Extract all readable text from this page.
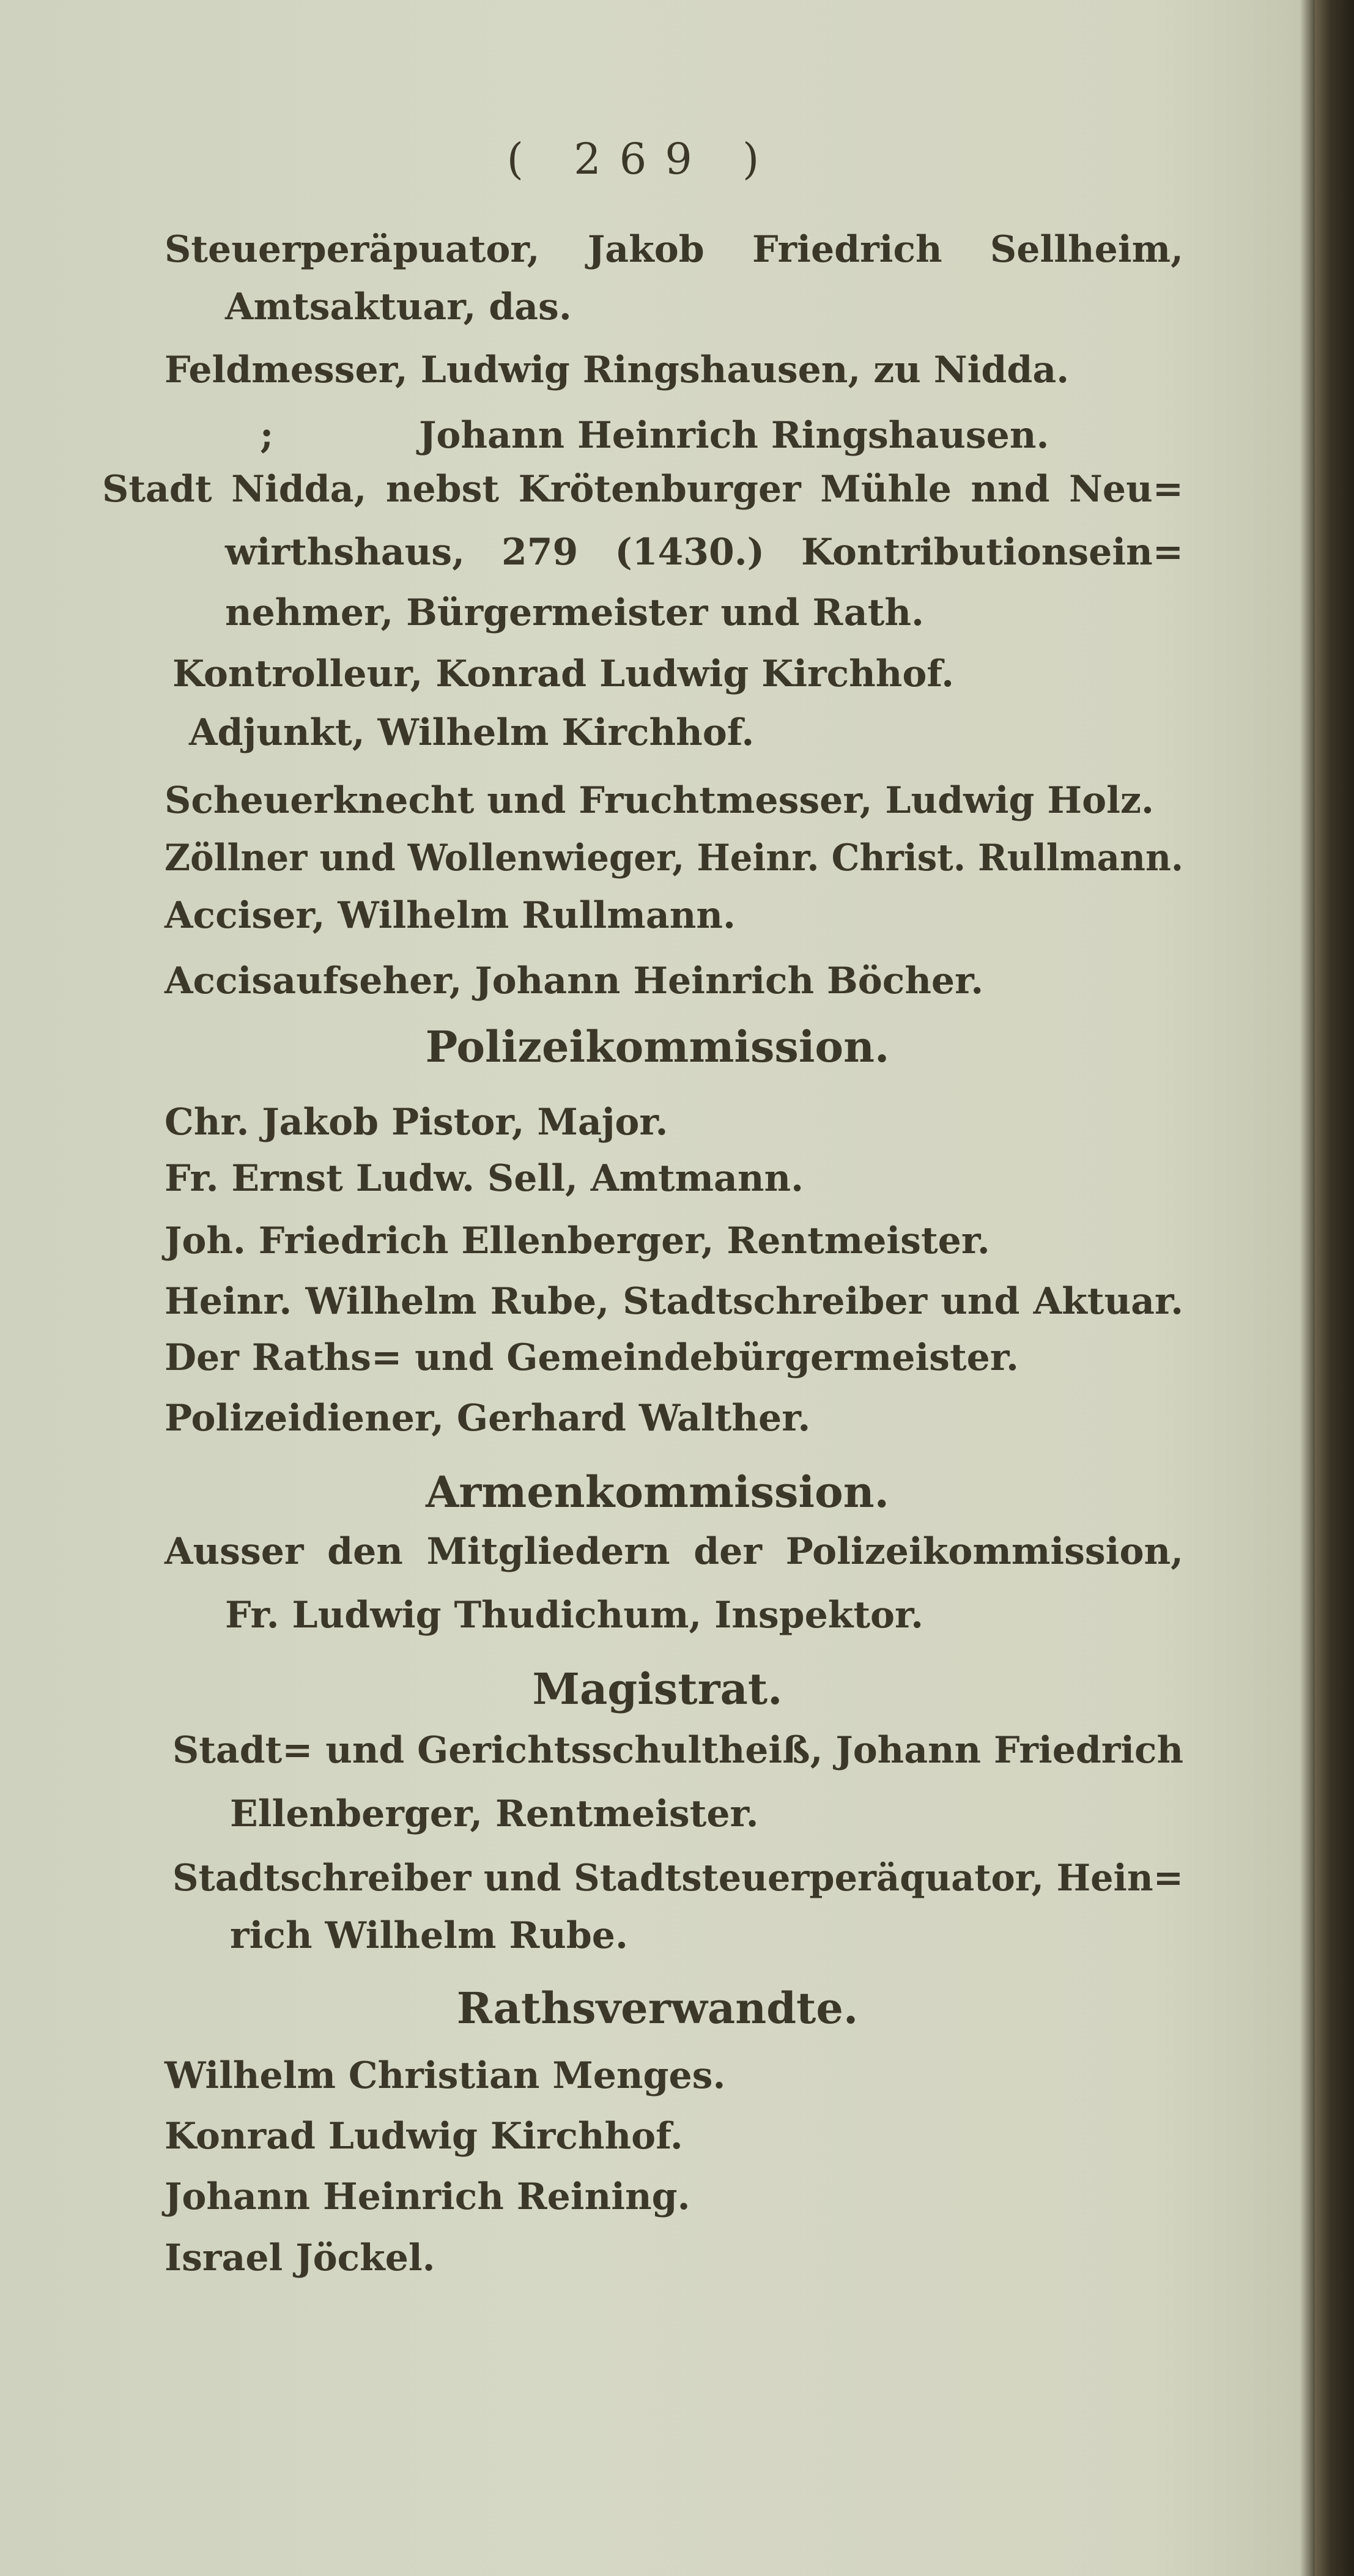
( 269 )
Steuerperäpuator, Jakob Friedrich Sellheim,
Amtsaktuar, das.
Feldmesser, Ludwig Ringshausen, zu Nidda.
;	Johann Heinrich Ringshausen.
Stadt Nidda, nebst Krötenburger Mühle nnd Neu=
wirthshaus, 279 (1430.) Kontributionsein=
nehmer, Bürgermeister und Rath.
Kontrolleur, Konrad Ludwig Kirchhof.
Adjunkt, Wilhelm Kirchhof.
Scheuerknecht und Fruchtmesser, Ludwig Holz.
Zöllner und Wollenwieger, Heinr. Christ. Rullmann.
Acciser, Wilhelm Rullmann.
Accisaufseher, Johann Heinrich Böcher.
Polizeikommission.
Chr. Jakob Pistor, Major.
Fr. Ernst Ludw. Sell, Amtmann.
Joh. Friedrich Ellenberger, Rentmeister.
Heinr. Wilhelm Rube, Stadtschreiber und Aktuar.
Der Raths= und Gemeindebürgermeister.
Polizeidiener, Gerhard Walther.
Armenkommission.
Ausser den Mitgliedern der Polizeikommission,
Fr. Ludwig Thudichum, Inspektor.
Magistrat.
Stadt= und Gerichtsschultheiß, Johann Friedrich
Ellenberger, Rentmeister.
Stadtschreiber und Stadtsteuerperäquator, Hein=
rich Wilhelm Rube.
Rathsverwandte.
Wilhelm Christian Menges.
Konrad Ludwig Kirchhof.
Johann Heinrich Reining.
Israel Jöckel.
